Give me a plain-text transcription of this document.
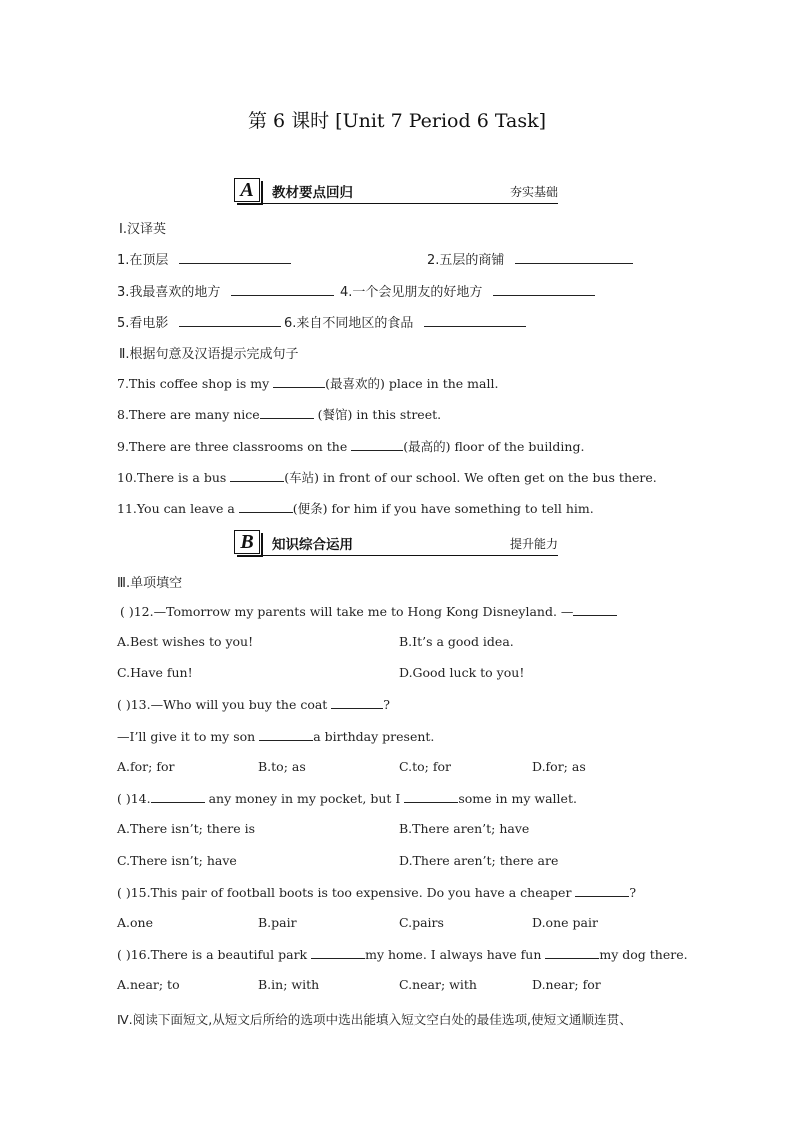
第 6 课时 [Unit 7 Period 6 Task]
A	教材要点回归	夯实基础
Ⅰ.汉译英
1.在顶层	2.五层的商铺
3.我最喜欢的地方	4.一个会见朋友的好地方
5.看电影	6.来自不同地区的食品
Ⅱ.根据句意及汉语提示完成句子
7.This coffee shop is my	(最喜欢的) place in the mall.
8.There are many nice	(餐馆) in this street.
9.There are three classrooms on the	(最高的) floor of the building.
10.There is a bus	(车站) in front of our school. We often get on the bus there.
11.You can leave a	(便条) for him if you have something to tell him.
B	知识综合运用	提升能力
Ⅲ.单项填空
( )12.—Tomorrow my parents will take me to Hong Kong Disneyland. —
A.Best wishes to you!	B.It’s a good idea.
C.Have fun!	D.Good luck to you!
( )13.—Who will you buy the coat	?
—I’ll give it to my son	a birthday present.
A.for; for	B.to; as	C.to; for	D.for; as
( )14.	any money in my pocket, but I	some in my wallet.
A.There isn’t; there is	B.There aren’t; have
C.There isn’t; have	D.There aren’t; there are
( )15.This pair of football boots is too expensive. Do you have a cheaper	?
A.one	B.pair	C.pairs	D.one pair
( )16.There is a beautiful park	my home. I always have fun	my dog there.
A.near; to	B.in; with	C.near; with	D.near; for
Ⅳ.阅读下面短文,从短文后所给的选项中选出能填入短文空白处的最佳选项,使短文通顺连贯、
